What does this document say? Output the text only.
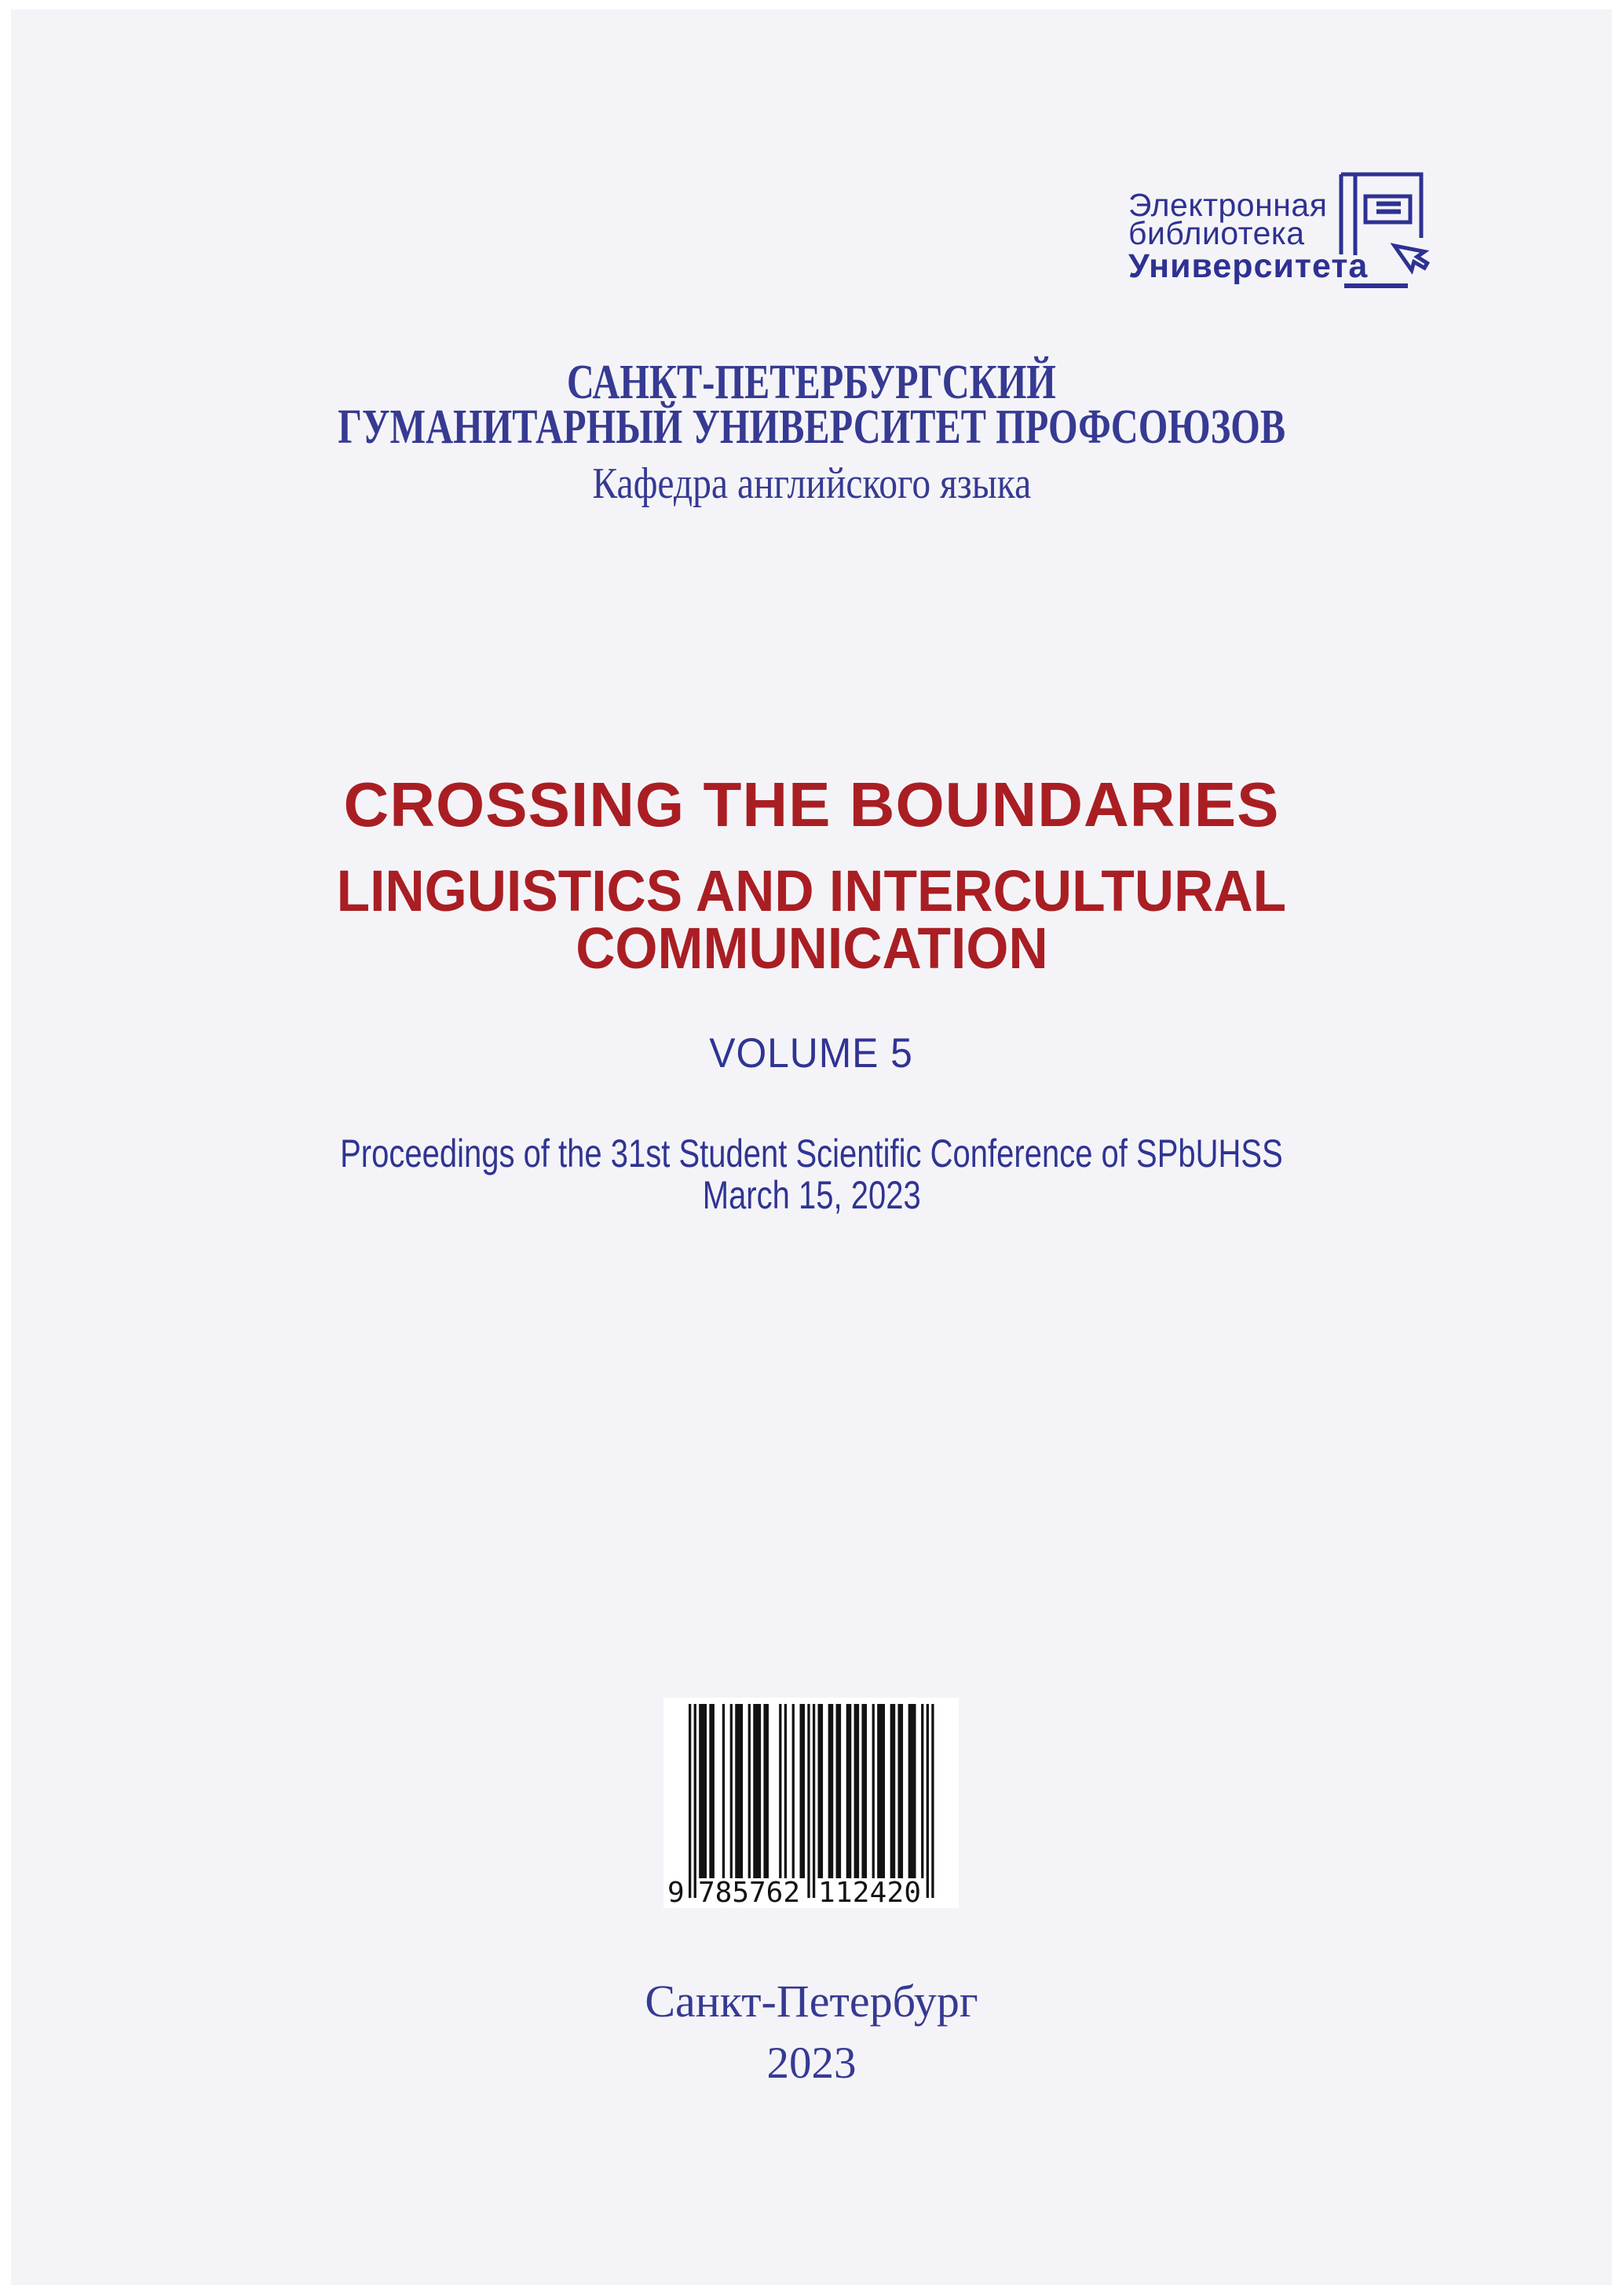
Электронная
библиотека
Университета
САНКТ-ПЕТЕРБУРГСКИЙ
ГУМАНИТАРНЫЙ УНИВЕРСИТЕТ ПРОФСОЮЗОВ
Кафедра английского языка
CROSSING THE BOUNDARIES
LINGUISTICS AND INTERCULTURAL
COMMUNICATION
VOLUME 5
Proceedings of the 31st Student Scientific Conference of SPbUHSS
March 15, 2023
9 785762 112420
Санкт-Петербург
2023
